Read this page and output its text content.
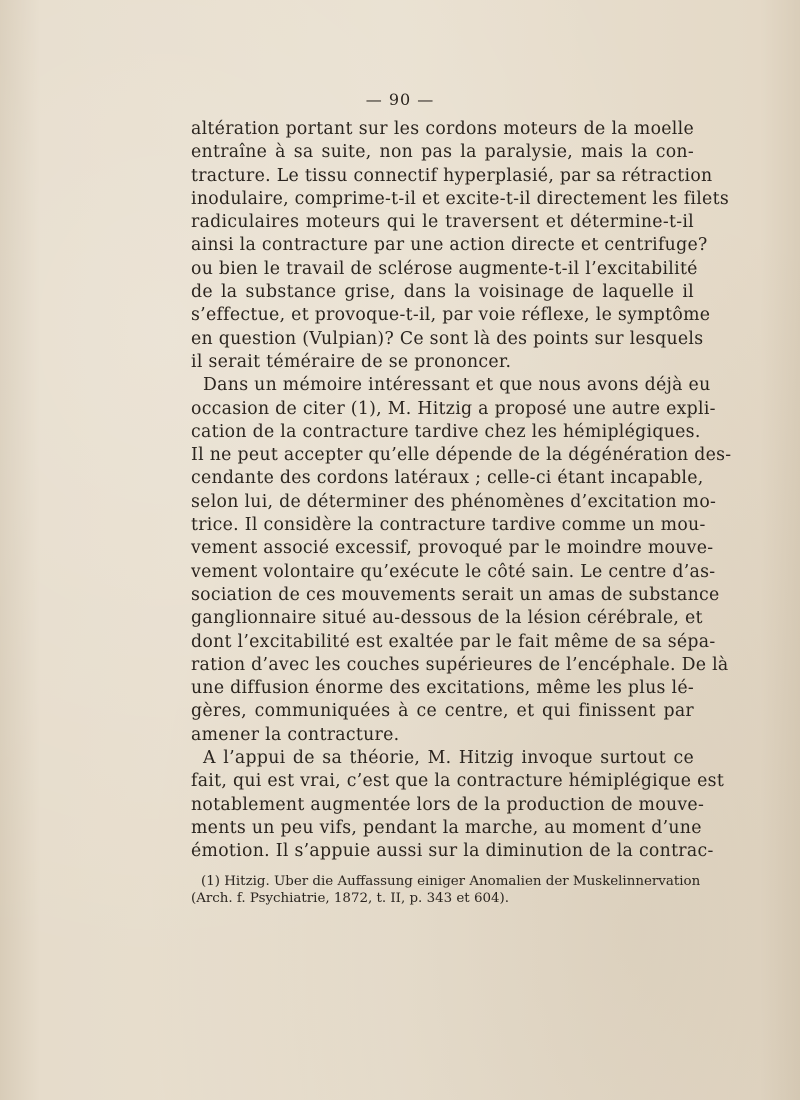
— 90 —
altération portant sur les cordons moteurs de la moelle
entraîne à sa suite, non pas la paralysie, mais la con-
tracture. Le tissu connectif hyperplasié, par sa rétraction
inodulaire, comprime-t-il et excite-t-il directement les filets
radiculaires moteurs qui le traversent et détermine-t-il
ainsi la contracture par une action directe et centrifuge?
ou bien le travail de sclérose augmente-t-il l’excitabilité
de la substance grise, dans la voisinage de laquelle il
s’effectue, et provoque-t-il, par voie réflexe, le symptôme
en question (Vulpian)? Ce sont là des points sur lesquels
il serait téméraire de se prononcer.
Dans un mémoire intéressant et que nous avons déjà eu
occasion de citer (1), M. Hitzig a proposé une autre expli-
cation de la contracture tardive chez les hémiplégiques.
Il ne peut accepter qu’elle dépende de la dégénération des-
cendante des cordons latéraux ; celle-ci étant incapable,
selon lui, de déterminer des phénomènes d’excitation mo-
trice. Il considère la contracture tardive comme un mou-
vement associé excessif, provoqué par le moindre mouve-
vement volontaire qu’exécute le côté sain. Le centre d’as-
sociation de ces mouvements serait un amas de substance
ganglionnaire situé au-dessous de la lésion cérébrale, et
dont l’excitabilité est exaltée par le fait même de sa sépa-
ration d’avec les couches supérieures de l’encéphale. De là
une diffusion énorme des excitations, même les plus lé-
gères, communiquées à ce centre, et qui finissent par
amener la contracture.
A l’appui de sa théorie, M. Hitzig invoque surtout ce
fait, qui est vrai, c’est que la contracture hémiplégique est
notablement augmentée lors de la production de mouve-
ments un peu vifs, pendant la marche, au moment d’une
émotion. Il s’appuie aussi sur la diminution de la contrac-
(1) Hitzig. Uber die Auffassung einiger Anomalien der Muskelinnervation
(Arch. f. Psychiatrie, 1872, t. II, p. 343 et 604).
